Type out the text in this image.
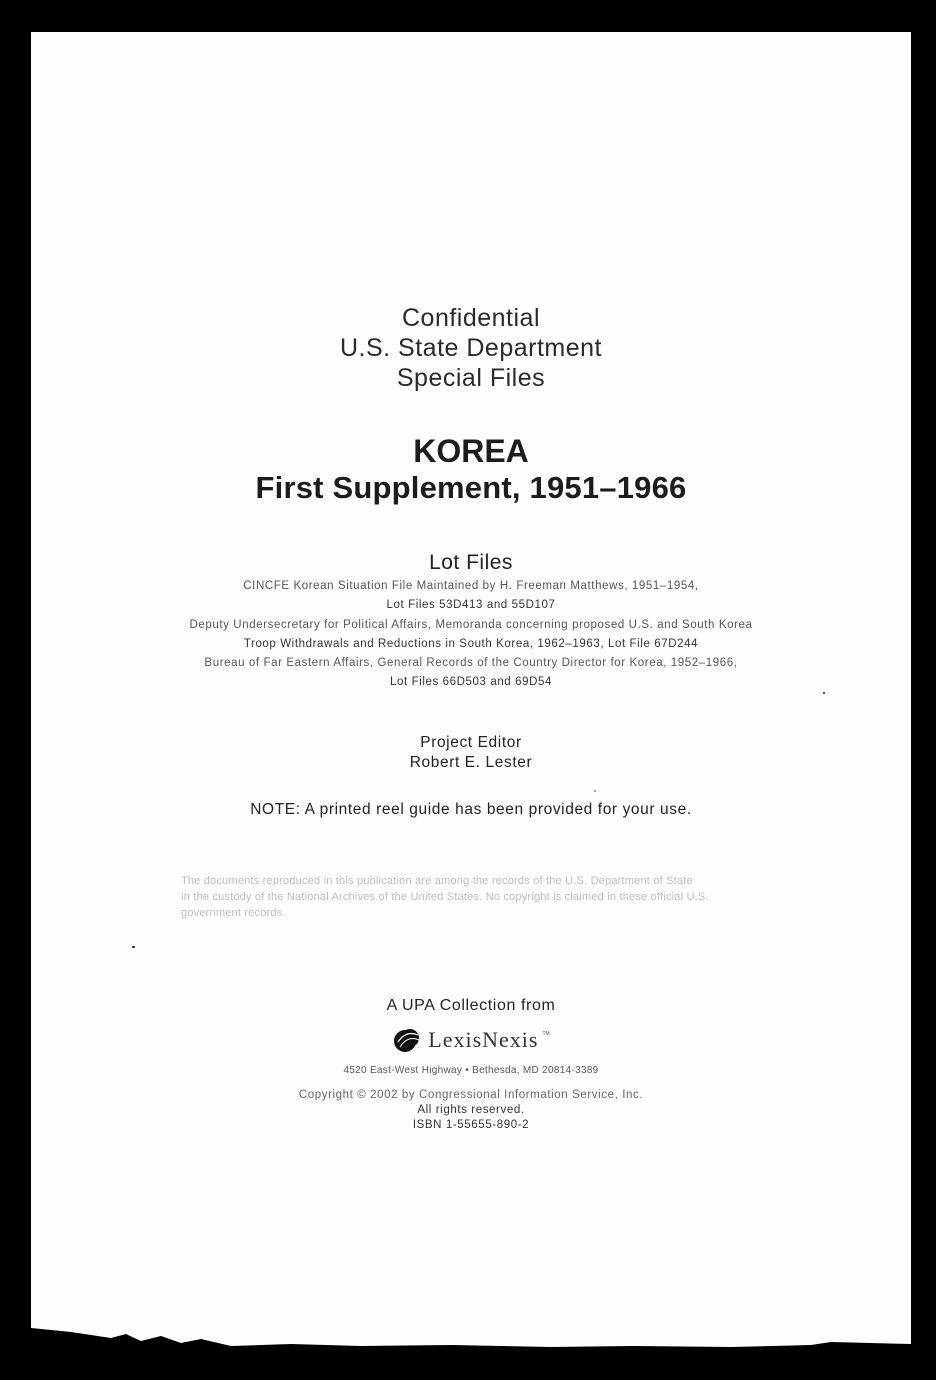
Confidential
U.S. State Department
Special Files
KOREA
First Supplement, 1951–1966
Lot Files
CINCFE Korean Situation File Maintained by H. Freeman Matthews, 1951–1954,
Lot Files 53D413 and 55D107
Deputy Undersecretary for Political Affairs, Memoranda concerning proposed U.S. and South Korea
Troop Withdrawals and Reductions in South Korea, 1962–1963, Lot File 67D244
Bureau of Far Eastern Affairs, General Records of the Country Director for Korea, 1952–1966,
Lot Files 66D503 and 69D54
Project Editor
Robert E. Lester
NOTE: A printed reel guide has been provided for your use.
The documents reproduced in this publication are among the records of the U.S. Department of State
in the custody of the National Archives of the United States. No copyright is claimed in these official U.S.
government records.
A UPA Collection from
LexisNexis TM
4520 East-West Highway • Bethesda, MD 20814-3389
Copyright © 2002 by Congressional Information Service, Inc.
All rights reserved.
ISBN 1-55655-890-2
